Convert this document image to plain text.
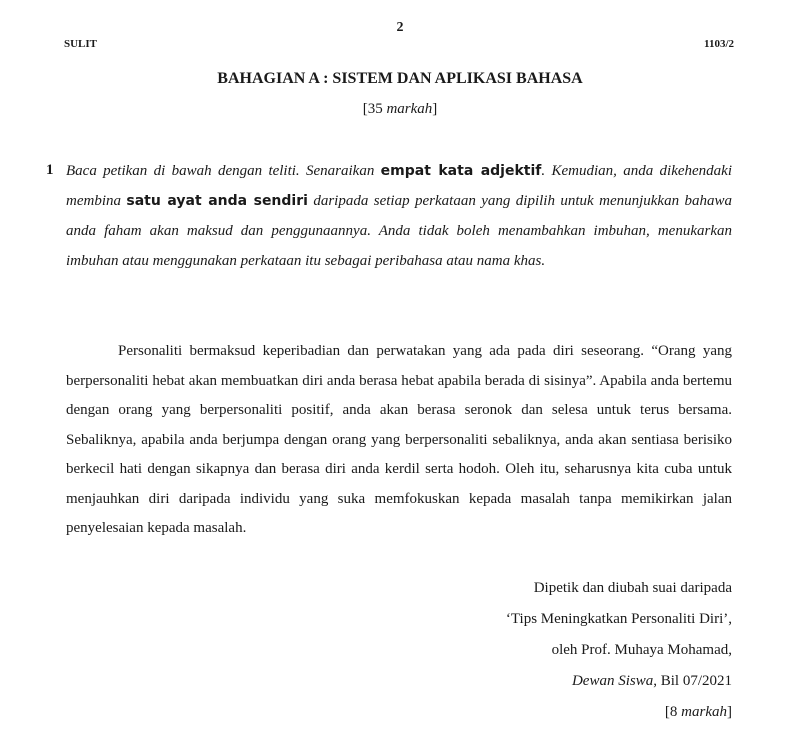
2
SULIT	1103/2
BAHAGIAN A : SISTEM DAN APLIKASI BAHASA
[35 markah]
1 Baca petikan di bawah dengan teliti. Senaraikan empat kata adjektif. Kemudian, anda dikehendaki membina satu ayat anda sendiri daripada setiap perkataan yang dipilih untuk menunjukkan bahawa anda faham akan maksud dan penggunaannya. Anda tidak boleh menambahkan imbuhan, menukarkan imbuhan atau menggunakan perkataan itu sebagai peribahasa atau nama khas.
Personaliti bermaksud keperibadian dan perwatakan yang ada pada diri seseorang. “Orang yang berpersonaliti hebat akan membuatkan diri anda berasa hebat apabila berada di sisinya”. Apabila anda bertemu dengan orang yang berpersonaliti positif, anda akan berasa seronok dan selesa untuk terus bersama. Sebaliknya, apabila anda berjumpa dengan orang yang berpersonaliti sebaliknya, anda akan sentiasa berisiko berkecil hati dengan sikapnya dan berasa diri anda kerdil serta hodoh. Oleh itu, seharusnya kita cuba untuk menjauhkan diri daripada individu yang suka memfokuskan kepada masalah tanpa memikirkan jalan penyelesaian kepada masalah.
Dipetik dan diubah suai daripada
‘Tips Meningkatkan Personaliti Diri’,
oleh Prof. Muhaya Mohamad,
Dewan Siswa, Bil 07/2021
[8 markah]
